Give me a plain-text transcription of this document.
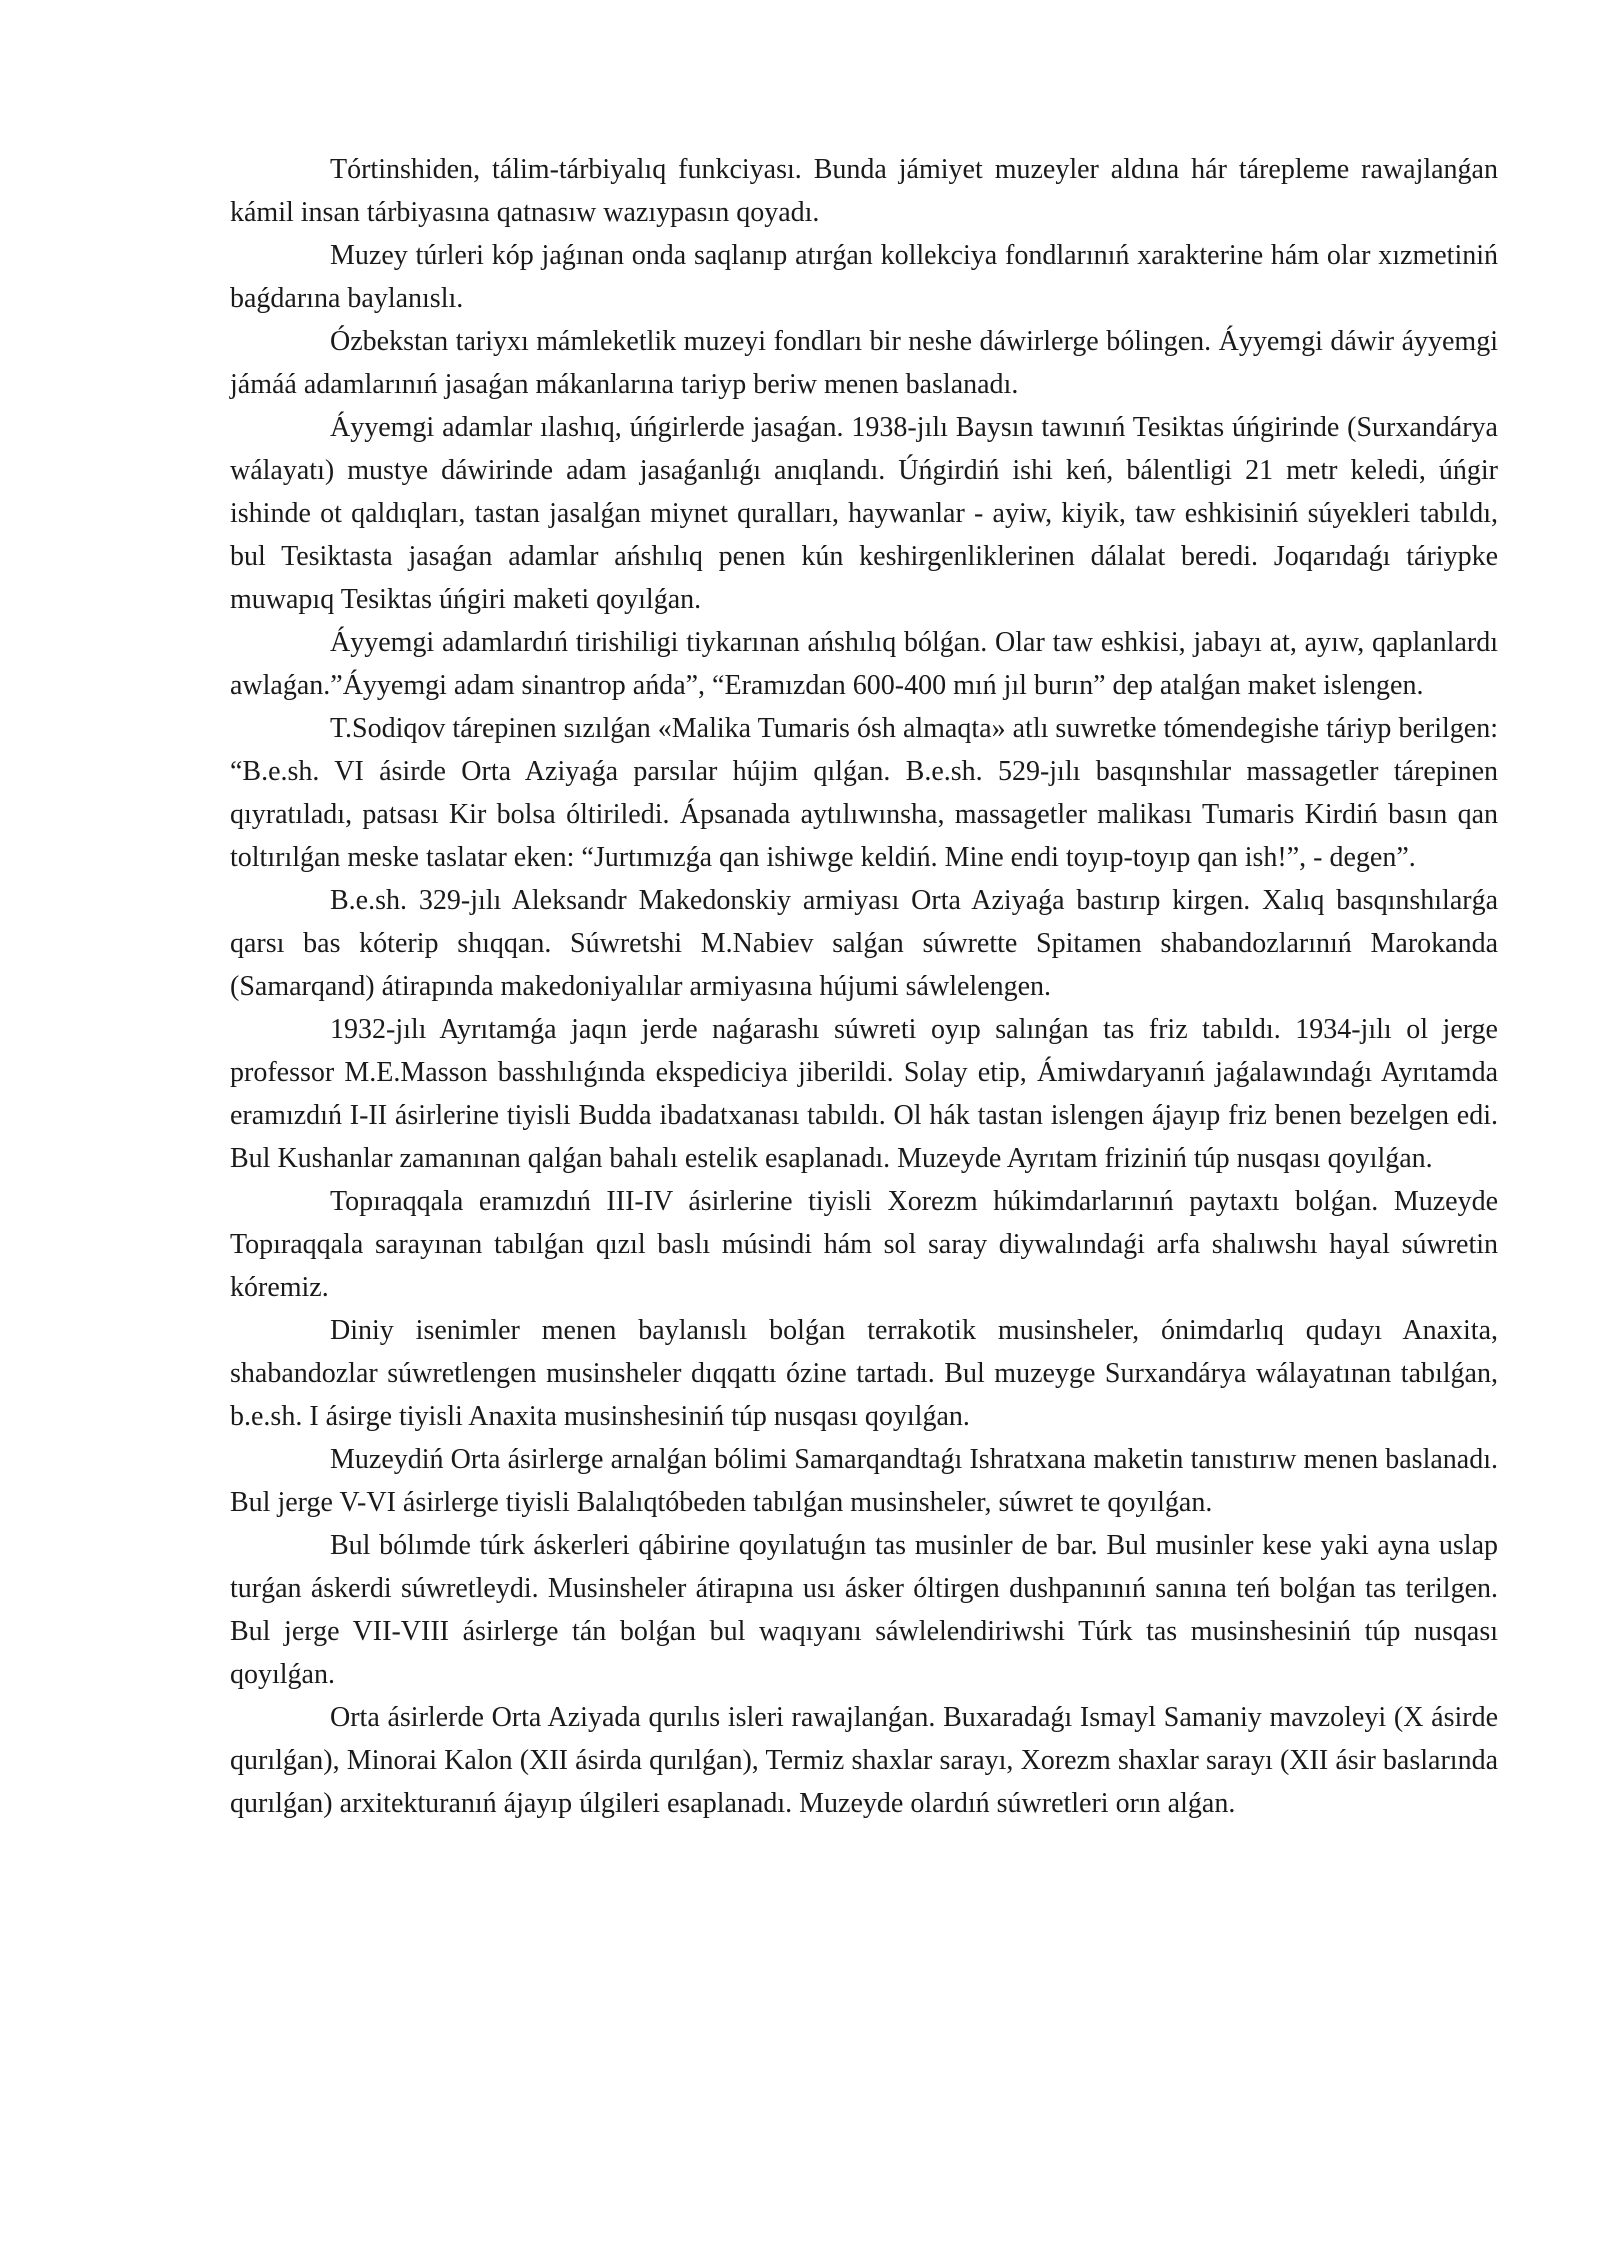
Tórtinshiden, tálim-tárbiyalıq funkciyası. Bunda jámiyet muzeyler aldına hár tárepleme rawajlanǵan kámil insan tárbiyasına qatnasıw wazıypasın qoyadı.

Muzey túrleri kóp jaǵınan onda saqlanıp atırǵan kollekciya fondlarınıń xarakterine hám olar xızmetiniń baǵdarına baylanıslı.

Ózbekstan tariyxı mámleketlik muzeyi fondları bir neshe dáwirlerge bólingen. Áyyemgi dáwir áyyemgi jámáá adamlarınıń jasaǵan mákanlarına tariyp beriw menen baslanadı.

Áyyemgi adamlar ılashıq, úńgirlerde jasaǵan. 1938-jılı Baysın tawınıń Tesiktas úńgirinde (Surxandárya wálayatı) mustye dáwirinde adam jasaǵanlıǵı anıqlandı. Úńgirdiń ishi keń, bálentligi 21 metr keledi, úńgir ishinde ot qaldıqları, tastan jasalǵan miynet quralları, haywanlar - ayiw, kiyik, taw eshkisiniń súyekleri tabıldı, bul Tesiktasta jasaǵan adamlar ańshılıq penen kún keshirgenliklerinen dálalat beredi. Joqarıdaǵı táriypke muwapıq Tesiktas úńgiri maketi qoyılǵan.

Áyyemgi adamlardıń tirishiligi tiykarınan ańshılıq bólǵan. Olar taw eshkisi, jabayı at, ayıw, qaplanlardı awlaǵan.”Áyyemgi adam sinantrop ańda”, “Eramızdan 600-400 mıń jıl burın” dep atalǵan maket islengen.

T.Sodiqov tárepinen sızılǵan «Malika Tumaris ósh almaqta» atlı suwretke tómendegishe táriyp berilgen: “B.e.sh. VI ásirde Orta Aziyaǵa parsılar hújim qılǵan. B.e.sh. 529-jılı basqınshılar massagetler tárepinen qıyratıladı, patsası Kir bolsa óltiriledi. Ápsanada aytılıwınsha, massagetler malikası Tumaris Kirdiń basın qan toltırılǵan meske taslatar eken: “Jurtımızǵa qan ishiwge keldiń. Mine endi toyıp-toyıp qan ish!”, - degen”.

B.e.sh. 329-jılı Aleksandr Makedonskiy armiyası Orta Aziyaǵa bastırıp kirgen. Xalıq basqınshılarǵa qarsı bas kóterip shıqqan. Súwretshi M.Nabiev salǵan súwrette Spitamen shabandozlarınıń Marokanda (Samarqand) átirapında makedoniyalılar armiyasına hújumi sáwlelengen.

1932-jılı Ayrıtamǵa jaqın jerde naǵarashı súwreti oyıp salınǵan tas friz tabıldı. 1934-jılı ol jerge professor M.E.Masson basshılıǵında ekspediciya jiberildi. Solay etip, Ámiwdaryanıń jaǵalawındaǵı Ayrıtamda eramızdıń I-II ásirlerine tiyisli Budda ibadatxanası tabıldı. Ol hák tastan islengen ájayıp friz benen bezelgen edi. Bul Kushanlar zamanınan qalǵan bahalı estelik esaplanadı. Muzeyde Ayrıtam friziniń túp nusqası qoyılǵan.

Topıraqqala eramızdıń III-IV ásirlerine tiyisli Xorezm húkimdarlarınıń paytaxtı bolǵan. Muzeyde Topıraqqala sarayınan tabılǵan qızıl baslı músindi hám sol saray diywalındaǵi arfa shalıwshı hayal súwretin kóremiz.

Diniy isenimler menen baylanıslı bolǵan terrakotik musinsheler, ónimdarlıq qudayı Anaxita, shabandozlar súwretlengen musinsheler dıqqattı ózine tartadı. Bul muzeyge Surxandárya wálayatınan tabılǵan, b.e.sh. I ásirge tiyisli Anaxita musinshesiniń túp nusqası qoyılǵan.

Muzeydiń Orta ásirlerge arnalǵan bólimi Samarqandtaǵı Ishratxana maketin tanıstırıw menen baslanadı. Bul jerge V-VI ásirlerge tiyisli Balalıqtóbeden tabılǵan musinsheler, súwret te qoyılǵan.

Bul bólımde túrk áskerleri qábirine qoyılatuǵın tas musinler de bar. Bul musinler kese yaki ayna uslap turǵan áskerdi súwretleydi. Musinsheler átirapına usı ásker óltirgen dushpanınıń sanına teń bolǵan tas terilgen. Bul jerge VII-VIII ásirlerge tán bolǵan bul waqıyanı sáwlelendiriwshi Túrk tas musinshesiniń túp nusqası qoyılǵan.

Orta ásirlerde Orta Aziyada qurılıs isleri rawajlanǵan. Buxaradaǵı Ismayl Samaniy mavzoleyi (X ásirde qurılǵan), Minorai Kalon (XII ásirda qurılǵan), Termiz shaxlar sarayı, Xorezm shaxlar sarayı (XII ásir baslarında qurılǵan) arxitekturanıń ájayıp úlgileri esaplanadı. Muzeyde olardıń súwretleri orın alǵan.
